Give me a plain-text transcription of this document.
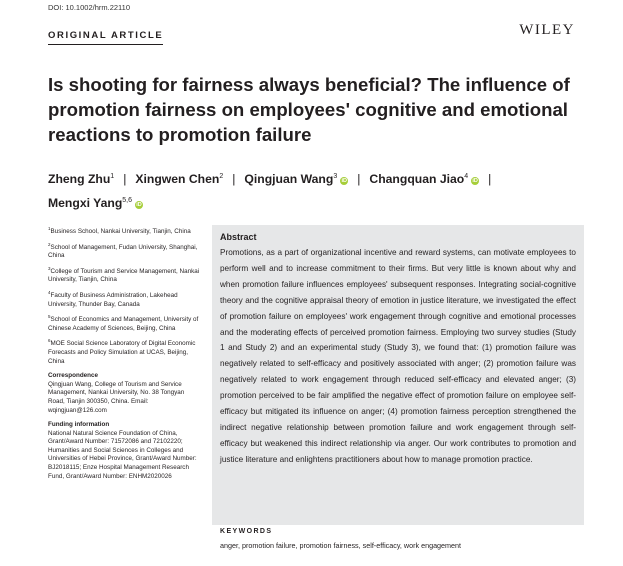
DOI: 10.1002/hrm.22110
ORIGINAL ARTICLE	WILEY
Is shooting for fairness always beneficial? The influence of promotion fairness on employees' cognitive and emotional reactions to promotion failure
Zheng Zhu$^1$ | Xingwen Chen$^2$ | Qingjuan Wang$^3$iD | Changquan Jiao$^4$iD |
Mengxi Yang$^{5,6}$iD

$^1$Business School, Nankai University, Tianjin, China

$^2$School of Management, Fudan University, Shanghai, China

$^3$College of Tourism and Service Management, Nankai University, Tianjin, China

$^4$Faculty of Business Administration, Lakehead University, Thunder Bay, Canada

$^5$School of Economics and Management, University of Chinese Academy of Sciences, Beijing, China

$^6$MOE Social Science Laboratory of Digital Economic Forecasts and Policy Simulation at UCAS, Beijing, China

Correspondence

Qingjuan Wang, College of Tourism and Service Management, Nankai University, No. 38 Tongyan Road, Tianjin 300350, China. Email: wqingjuan@126.com

Funding information

National Natural Science Foundation of China, Grant/Award Number: 71572086 and 72102220; Humanities and Social Sciences in Colleges and Universities of Hebei Province, Grant/Award Number: BJ2018115; Enze Hospital Management Research Fund, Grant/Award Number: ENHM2020026

Abstract

Promotions, as a part of organizational incentive and reward systems, can motivate employees to perform well and to increase commitment to their firms. But very little is known about why and when promotion failure influences employees' subsequent responses. Integrating social-cognitive theory and the cognitive appraisal theory of emotion in justice literature, we investigated the effect of promotion failure on employees' work engagement through cognitive and emotional processes and the moderating effects of perceived promotion fairness. Employing two survey studies (Study 1 and Study 2) and an experimental study (Study 3), we found that: (1) promotion failure was negatively related to self-efficacy and positively associated with anger; (2) promotion failure was negatively related to work engagement through reduced self-efficacy and elevated anger; (3) promotion perceived to be fair amplified the negative effect of promotion failure on employee self-efficacy but mitigated its influence on anger; (4) promotion fairness perception strengthened the indirect negative relationship between promotion failure and work engagement through self-efficacy but weakened this indirect relationship via anger. Our work contributes to promotion and justice literature and enlightens practitioners about how to manage promotion practice.

KEYWORDS
anger, promotion failure, promotion fairness, self-efficacy, work engagement
